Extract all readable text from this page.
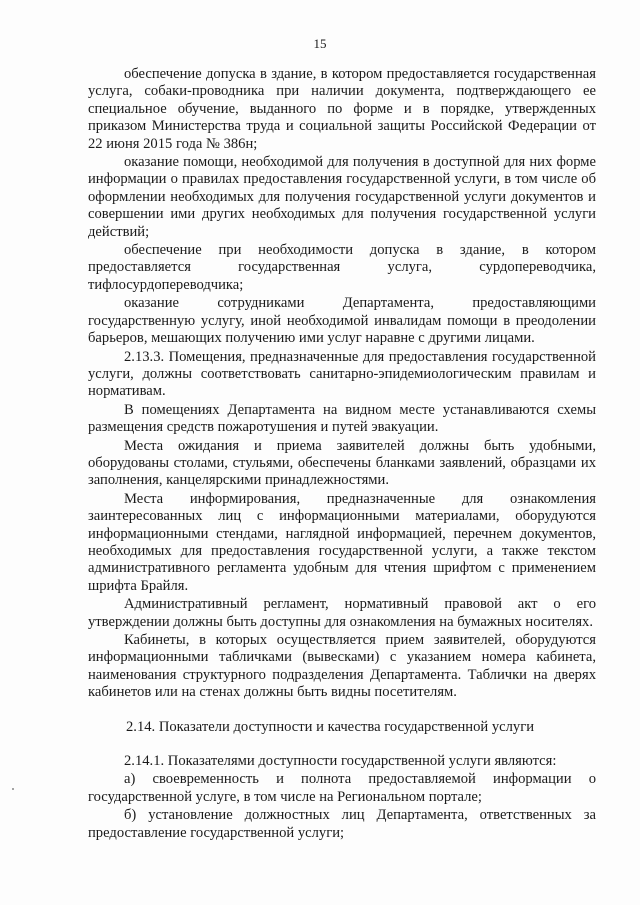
15

обеспечение допуска в здание, в котором предоставляется государственная услуга, собаки-проводника при наличии документа, подтверждающего ее специальное обучение, выданного по форме и в порядке, утвержденных приказом Министерства труда и социальной защиты Российской Федерации от 22 июня 2015 года № 386н;

оказание помощи, необходимой для получения в доступной для них форме информации о правилах предоставления государственной услуги, в том числе об оформлении необходимых для получения государственной услуги документов и совершении ими других необходимых для получения государственной услуги действий;

обеспечение при необходимости допуска в здание, в котором предоставляется государственная услуга, сурдопереводчика, тифлосурдопереводчика;

оказание сотрудниками Департамента, предоставляющими государственную услугу, иной необходимой инвалидам помощи в преодолении барьеров, мешающих получению ими услуг наравне с другими лицами.

2.13.3. Помещения, предназначенные для предоставления государственной услуги, должны соответствовать санитарно-эпидемиологическим правилам и нормативам.

В помещениях Департамента на видном месте устанавливаются схемы размещения средств пожаротушения и путей эвакуации.

Места ожидания и приема заявителей должны быть удобными, оборудованы столами, стульями, обеспечены бланками заявлений, образцами их заполнения, канцелярскими принадлежностями.

Места информирования, предназначенные для ознакомления заинтересованных лиц с информационными материалами, оборудуются информационными стендами, наглядной информацией, перечнем документов, необходимых для предоставления государственной услуги, а также текстом административного регламента удобным для чтения шрифтом с применением шрифта Брайля.

Административный регламент, нормативный правовой акт о его утверждении должны быть доступны для ознакомления на бумажных носителях.

Кабинеты, в которых осуществляется прием заявителей, оборудуются информационными табличками (вывесками) с указанием номера кабинета, наименования структурного подразделения Департамента. Таблички на дверях кабинетов или на стенах должны быть видны посетителям.

2.14. Показатели доступности и качества государственной услуги

2.14.1. Показателями доступности государственной услуги являются:

а) своевременность и полнота предоставляемой информации о государственной услуге, в том числе на Региональном портале;

б) установление должностных лиц Департамента, ответственных за предоставление государственной услуги;
